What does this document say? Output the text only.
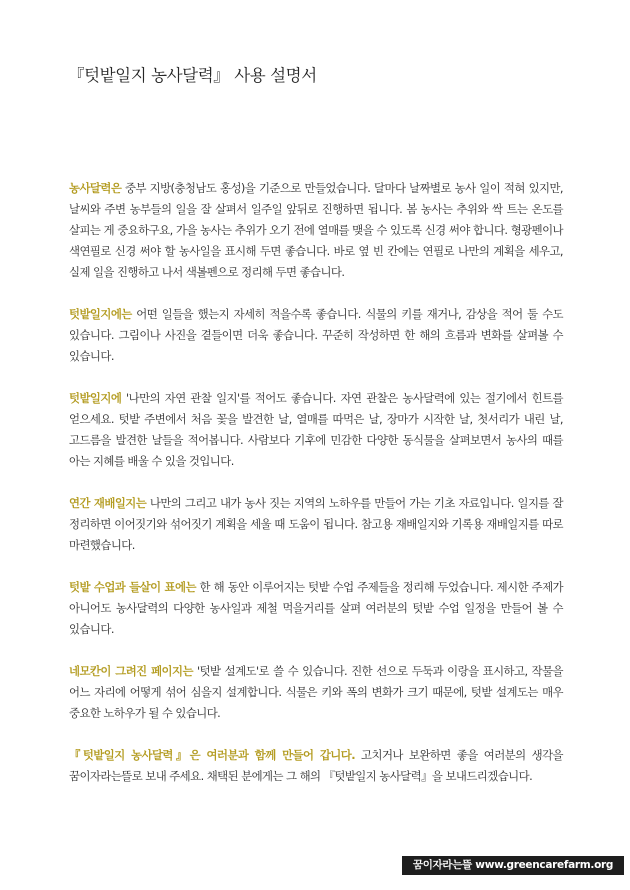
『텃밭일지 농사달력』 사용 설명서

농사달력은 중부 지방(충청남도 홍성)을 기준으로 만들었습니다. 달마다 날짜별로 농사 일이 적혀 있지만, 날씨와 주변 농부들의 일을 잘 살펴서 일주일 앞뒤로 진행하면 됩니다. 봄 농사는 추위와 싹 트는 온도를 살피는 게 중요하구요, 가을 농사는 추위가 오기 전에 열매를 맺을 수 있도록 신경 써야 합니다. 형광펜이나 색연필로 신경 써야 할 농사일을 표시해 두면 좋습니다. 바로 옆 빈 칸에는 연필로 나만의 계획을 세우고, 실제 일을 진행하고 나서 색볼펜으로 정리해 두면 좋습니다.

텃밭일지에는 어떤 일들을 했는지 자세히 적을수록 좋습니다. 식물의 키를 재거나, 감상을 적어 둘 수도 있습니다. 그림이나 사진을 곁들이면 더욱 좋습니다. 꾸준히 작성하면 한 해의 흐름과 변화를 살펴볼 수 있습니다.

텃밭일지에 '나만의 자연 관찰 일지'를 적어도 좋습니다. 자연 관찰은 농사달력에 있는 절기에서 힌트를 얻으세요. 텃밭 주변에서 처음 꽃을 발견한 날, 열매를 따먹은 날, 장마가 시작한 날, 첫서리가 내린 날, 고드름을 발견한 날들을 적어봅니다. 사람보다 기후에 민감한 다양한 동식물을 살펴보면서 농사의 때를 아는 지혜를 배울 수 있을 것입니다.

연간 재배일지는 나만의 그리고 내가 농사 짓는 지역의 노하우를 만들어 가는 기초 자료입니다. 일지를 잘 정리하면 이어짓기와 섞어짓기 계획을 세울 때 도움이 됩니다. 참고용 재배일지와 기록용 재배일지를 따로 마련했습니다.

텃밭 수업과 들살이 표에는 한 해 동안 이루어지는 텃밭 수업 주제들을 정리해 두었습니다. 제시한 주제가 아니어도 농사달력의 다양한 농사일과 제철 먹을거리를 살펴 여러분의 텃밭 수업 일정을 만들어 볼 수 있습니다.

네모칸이 그려진 페이지는 '텃밭 설계도'로 쓸 수 있습니다. 진한 선으로 두둑과 이랑을 표시하고, 작물을 어느 자리에 어떻게 섞어 심을지 설계합니다. 식물은 키와 폭의 변화가 크기 때문에, 텃밭 설계도는 매우 중요한 노하우가 될 수 있습니다.

『텃밭일지 농사달력』은 여러분과 함께 만들어 갑니다. 고치거나 보완하면 좋을 여러분의 생각을 꿈이자라는뜰로 보내 주세요. 채택된 분에게는 그 해의 『텃밭일지 농사달력』을 보내드리겠습니다.

꿈이자라는뜰 www.greencarefarm.org
